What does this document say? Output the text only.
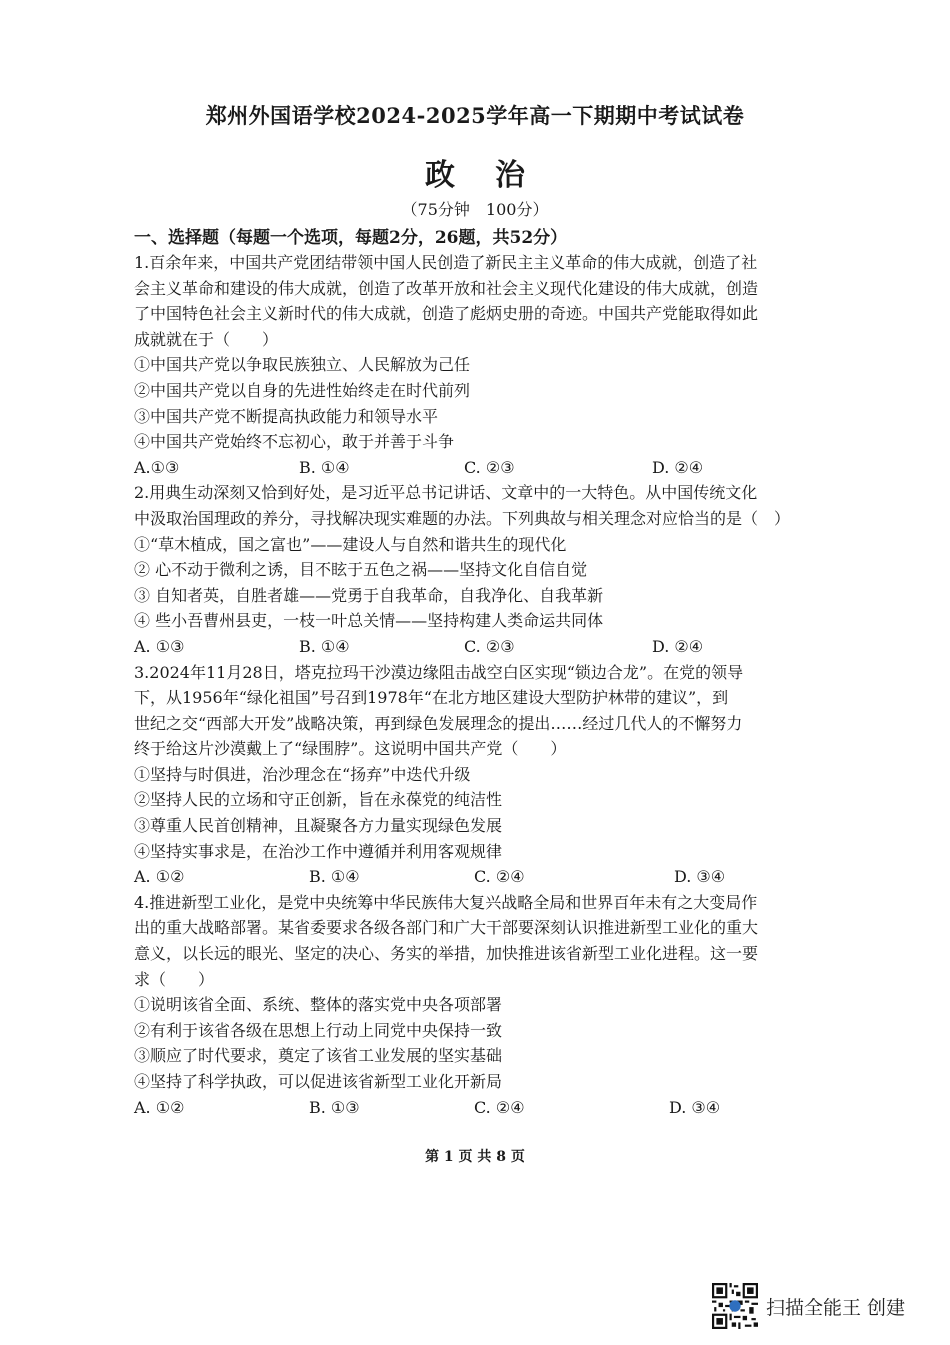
郑州外国语学校2024-2025学年高一下期期中考试试卷
政治
（75分钟　100分）
一、选择题（每题一个选项，每题2分，26题，共52分）

1.百余年来，中国共产党团结带领中国人民创造了新民主主义革命的伟大成就，创造了社

会主义革命和建设的伟大成就，创造了改革开放和社会主义现代化建设的伟大成就，创造

了中国特色社会主义新时代的伟大成就，创造了彪炳史册的奇迹。中国共产党能取得如此

成就就在于（　　）

①中国共产党以争取民族独立、人民解放为己任

②中国共产党以自身的先进性始终走在时代前列

③中国共产党不断提高执政能力和领导水平

④中国共产党始终不忘初心，敢于并善于斗争

A.①③	B. ①④	C. ②③	D. ②④

2.用典生动深刻又恰到好处，是习近平总书记讲话、文章中的一大特色。从中国传统文化

中汲取治国理政的养分，寻找解决现实难题的办法。下列典故与相关理念对应恰当的是（　）

①“草木植成，国之富也”——建设人与自然和谐共生的现代化

② 心不动于微利之诱，目不眩于五色之祸——坚持文化自信自觉

③ 自知者英，自胜者雄——党勇于自我革命，自我净化、自我革新

④ 些小吾曹州县吏，一枝一叶总关情——坚持构建人类命运共同体

A. ①③	B. ①④	C. ②③	D. ②④

3.2024年11月28日，塔克拉玛干沙漠边缘阻击战空白区实现“锁边合龙”。在党的领导

下，从1956年“绿化祖国”号召到1978年“在北方地区建设大型防护林带的建议”，到

世纪之交“西部大开发”战略决策，再到绿色发展理念的提出……经过几代人的不懈努力

终于给这片沙漠戴上了“绿围脖”。这说明中国共产党（　　）

①坚持与时俱进，治沙理念在“扬弃”中迭代升级

②坚持人民的立场和守正创新，旨在永葆党的纯洁性

③尊重人民首创精神，且凝聚各方力量实现绿色发展

④坚持实事求是，在治沙工作中遵循并利用客观规律

A. ①②	B. ①④	C. ②④	D. ③④

4.推进新型工业化，是党中央统筹中华民族伟大复兴战略全局和世界百年未有之大变局作

出的重大战略部署。某省委要求各级各部门和广大干部要深刻认识推进新型工业化的重大

意义，以长远的眼光、坚定的决心、务实的举措，加快推进该省新型工业化进程。这一要

求（　　）

①说明该省全面、系统、整体的落实党中央各项部署

②有利于该省各级在思想上行动上同党中央保持一致

③顺应了时代要求，奠定了该省工业发展的坚实基础

④坚持了科学执政，可以促进该省新型工业化开新局

A. ①②	B. ①③	C. ②④	D. ③④
第 1 页 共 8 页
扫描全能王 创建
